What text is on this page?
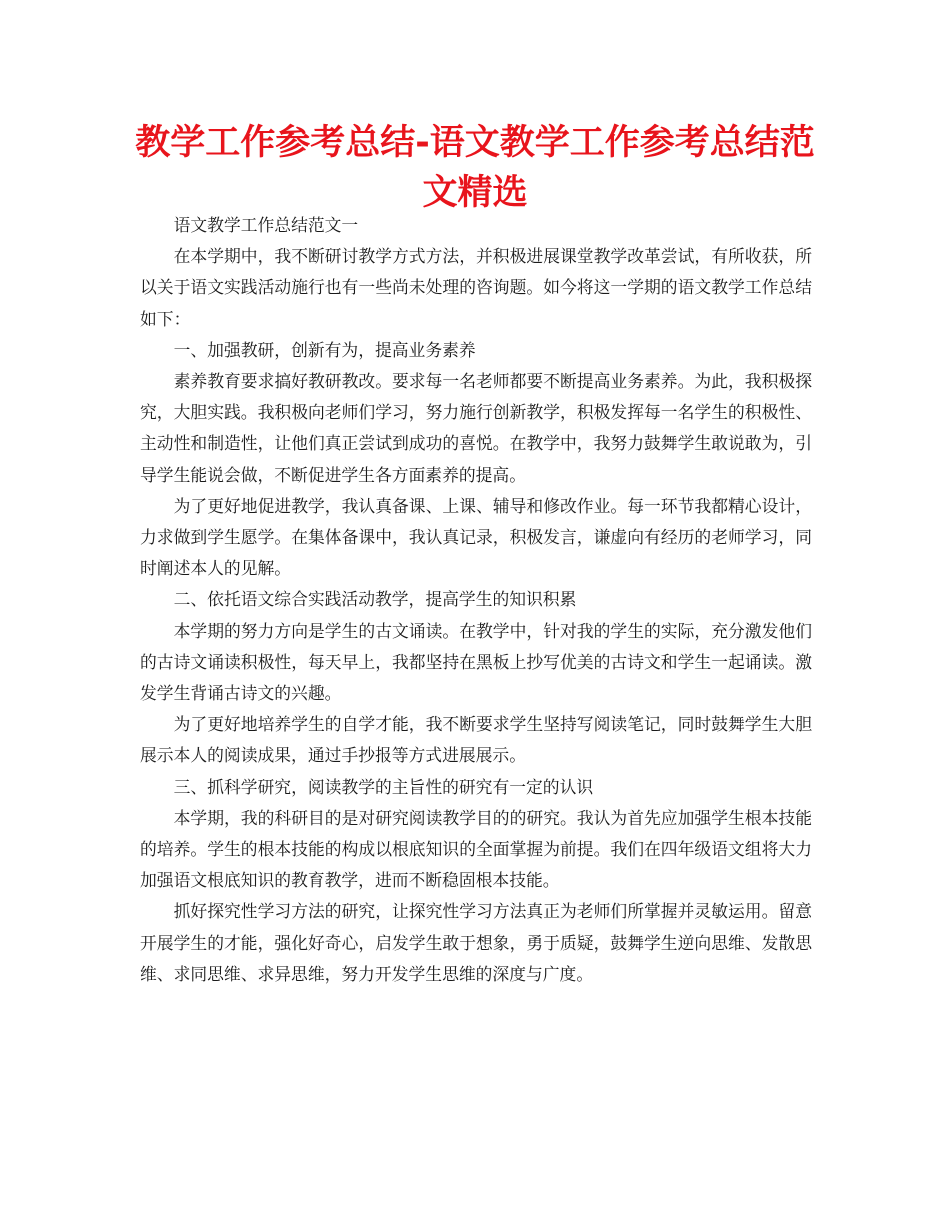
教学工作参考总结-语文教学工作参考总结范文精选

语文教学工作总结范文一

在本学期中，我不断研讨教学方式方法，并积极进展课堂教学改革尝试，有所收获，所以关于语文实践活动施行也有一些尚未处理的咨询题。如今将这一学期的语文教学工作总结如下：

一、加强教研，创新有为，提高业务素养

素养教育要求搞好教研教改。要求每一名老师都要不断提高业务素养。为此，我积极探究，大胆实践。我积极向老师们学习，努力施行创新教学，积极发挥每一名学生的积极性、主动性和制造性，让他们真正尝试到成功的喜悦。在教学中，我努力鼓舞学生敢说敢为，引导学生能说会做，不断促进学生各方面素养的提高。

为了更好地促进教学，我认真备课、上课、辅导和修改作业。每一环节我都精心设计，力求做到学生愿学。在集体备课中，我认真记录，积极发言，谦虚向有经历的老师学习，同时阐述本人的见解。

二、依托语文综合实践活动教学，提高学生的知识积累

本学期的努力方向是学生的古文诵读。在教学中，针对我的学生的实际，充分激发他们的古诗文诵读积极性，每天早上，我都坚持在黑板上抄写优美的古诗文和学生一起诵读。激发学生背诵古诗文的兴趣。

为了更好地培养学生的自学才能，我不断要求学生坚持写阅读笔记，同时鼓舞学生大胆展示本人的阅读成果，通过手抄报等方式进展展示。

三、抓科学研究，阅读教学的主旨性的研究有一定的认识

本学期，我的科研目的是对研究阅读教学目的的研究。我认为首先应加强学生根本技能的培养。学生的根本技能的构成以根底知识的全面掌握为前提。我们在四年级语文组将大力加强语文根底知识的教育教学，进而不断稳固根本技能。

抓好探究性学习方法的研究，让探究性学习方法真正为老师们所掌握并灵敏运用。留意开展学生的才能，强化好奇心，启发学生敢于想象，勇于质疑，鼓舞学生逆向思维、发散思维、求同思维、求异思维，努力开发学生思维的深度与广度。
